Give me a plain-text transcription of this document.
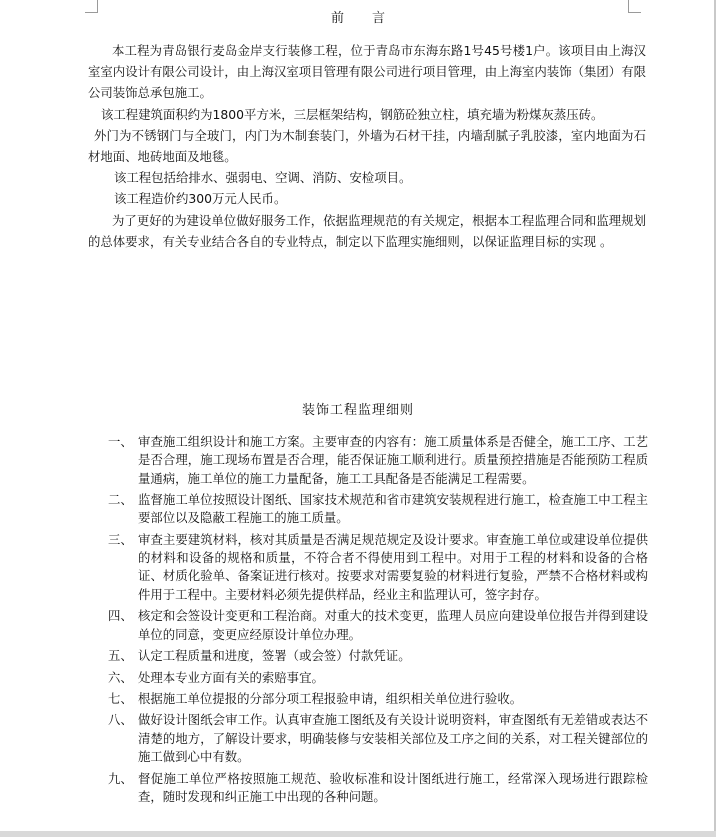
前言

本工程为青岛银行麦岛金岸支行装修工程，位于青岛市东海东路1号45号楼1户。该项目由上海汉室室内设计有限公司设计，由上海汉室项目管理有限公司进行项目管理，由上海室内装饰（集团）有限公司装饰总承包施工。

该工程建筑面积约为1800平方米，三层框架结构，钢筋砼独立柱，填充墙为粉煤灰蒸压砖。

外门为不锈钢门与全玻门，内门为木制套装门，外墙为石材干挂，内墙刮腻子乳胶漆，室内地面为石材地面、地砖地面及地毯。

该工程包括给排水、强弱电、空调、消防、安检项目。

该工程造价约300万元人民币。

为了更好的为建设单位做好服务工作，依据监理规范的有关规定，根据本工程监理合同和监理规划的总体要求，有关专业结合各自的专业特点，制定以下监理实施细则，以保证监理目标的实现 。

装饰工程监理细则
一、 审查施工组织设计和施工方案。主要审查的内容有：施工质量体系是否健全，施工工序、工艺是否合理，施工现场布置是否合理，能否保证施工顺利进行。质量预控措施是否能预防工程质量通病，施工单位的施工力量配备，施工工具配备是否能满足工程需要。
二、 监督施工单位按照设计图纸、国家技术规范和省市建筑安装规程进行施工，检查施工中工程主要部位以及隐蔽工程施工的施工质量。
三、 审查主要建筑材料，核对其质量是否满足规范规定及设计要求。审查施工单位或建设单位提供的材料和设备的规格和质量，不符合者不得使用到工程中。对用于工程的材料和设备的合格证、材质化验单、备案证进行核对。按要求对需要复验的材料进行复验，严禁不合格材料或构件用于工程中。主要材料必须先提供样品，经业主和监理认可，签字封存。
四、 核定和会签设计变更和工程治商。对重大的技术变更，监理人员应向建设单位报告并得到建设单位的同意，变更应经原设计单位办理。
五、 认定工程质量和进度，签署（或会签）付款凭证。
六、 处理本专业方面有关的索赔事宜。
七、 根据施工单位提报的分部分项工程报验申请，组织相关单位进行验收。
八、 做好设计图纸会审工作。认真审查施工图纸及有关设计说明资料，审查图纸有无差错或表达不清楚的地方，了解设计要求，明确装修与安装相关部位及工序之间的关系，对工程关键部位的施工做到心中有数。
九、 督促施工单位严格按照施工规范、验收标准和设计图纸进行施工，经常深入现场进行跟踪检查，随时发现和纠正施工中出现的各种问题。
